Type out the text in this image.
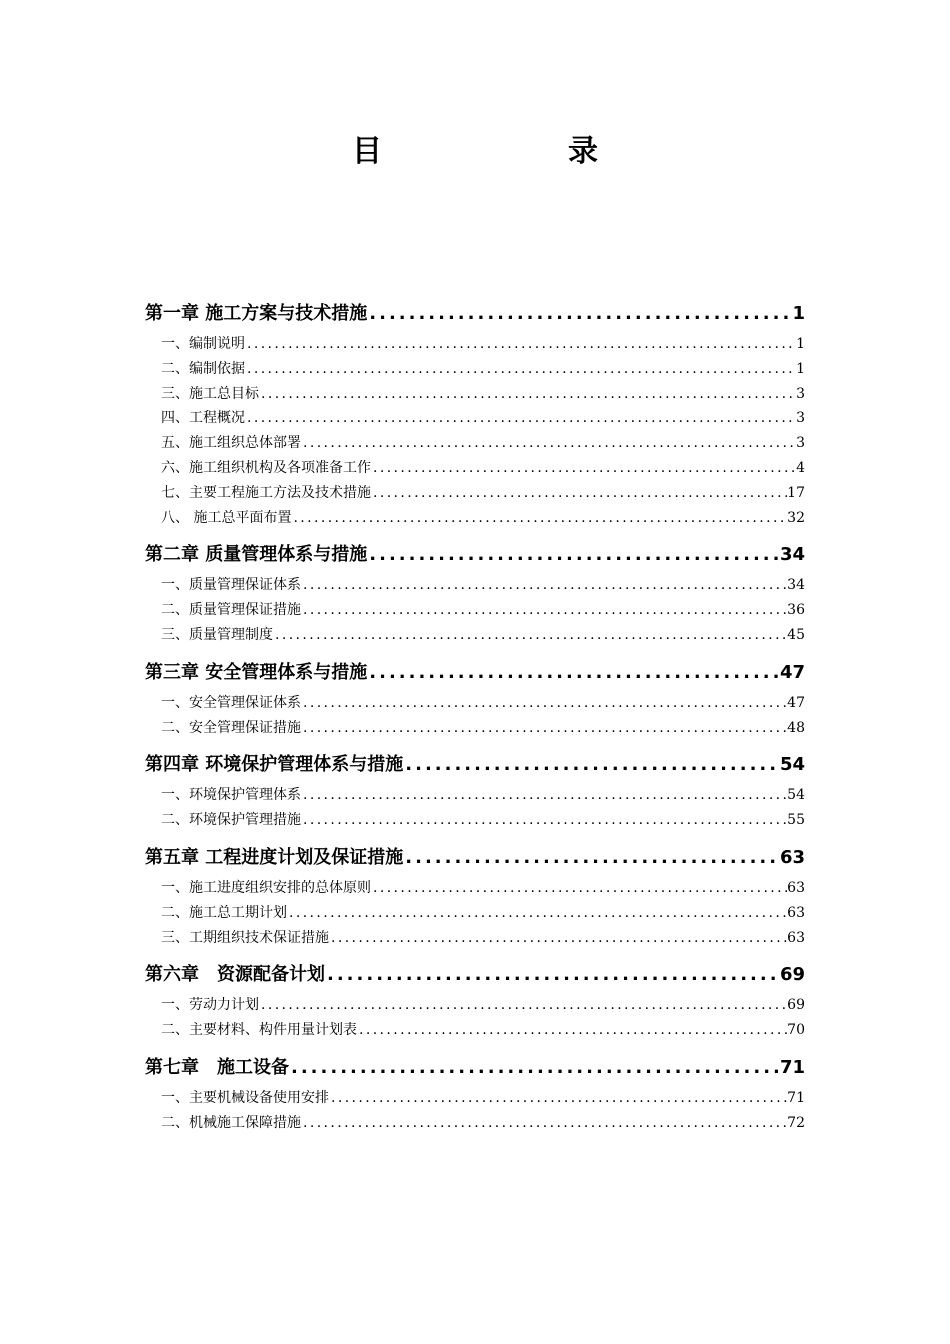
目　录
第一章 施工方案与技术措施 .....	1
一、编制说明 .....	1
二、编制依据 .....	1
三、施工总目标 .....	3
四、工程概况 .....	3
五、施工组织总体部署 .....	3
六、施工组织机构及各项准备工作 .....	4
七、主要工程施工方法及技术措施 .....	17
八、 施工总平面布置 .....	32
第二章 质量管理体系与措施 .....	34
一、质量管理保证体系 .....	34
二、质量管理保证措施 .....	36
三、质量管理制度 .....	45
第三章 安全管理体系与措施 .....	47
一、安全管理保证体系 .....	47
二、安全管理保证措施 .....	48
第四章 环境保护管理体系与措施 .....	54
一、环境保护管理体系 .....	54
二、环境保护管理措施 .....	55
第五章 工程进度计划及保证措施 .....	63
一、施工进度组织安排的总体原则 .....	63
二、施工总工期计划 .....	63
三、工期组织技术保证措施 .....	63
第六章　资源配备计划 .....	69
一、劳动力计划 .....	69
二、主要材料、构件用量计划表 .....	70
第七章　施工设备 .....	71
一、主要机械设备使用安排 .....	71
二、机械施工保障措施 .....	72
